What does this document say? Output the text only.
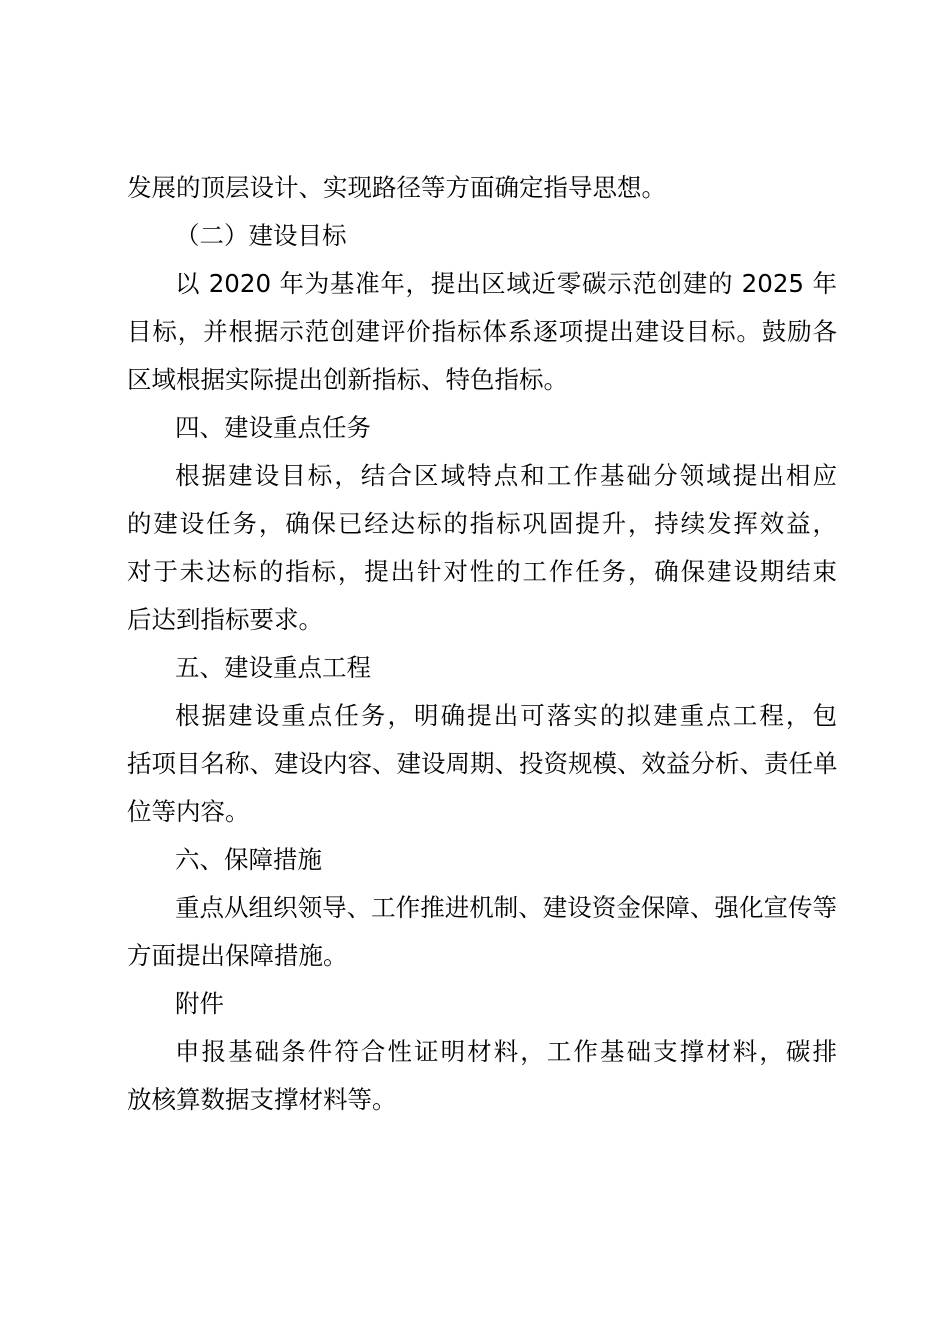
发展的顶层设计、实现路径等方面确定指导思想。
（二）建设目标
以 2020 年为基准年，提出区域近零碳示范创建的 2025 年
目标，并根据示范创建评价指标体系逐项提出建设目标。鼓励各
区域根据实际提出创新指标、特色指标。
四、建设重点任务
根据建设目标，结合区域特点和工作基础分领域提出相应
的建设任务，确保已经达标的指标巩固提升，持续发挥效益，
对于未达标的指标，提出针对性的工作任务，确保建设期结束
后达到指标要求。
五、建设重点工程
根据建设重点任务，明确提出可落实的拟建重点工程，包
括项目名称、建设内容、建设周期、投资规模、效益分析、责任单
位等内容。
六、保障措施
重点从组织领导、工作推进机制、建设资金保障、强化宣传等
方面提出保障措施。
附件
申报基础条件符合性证明材料，工作基础支撑材料，碳排
放核算数据支撑材料等。
